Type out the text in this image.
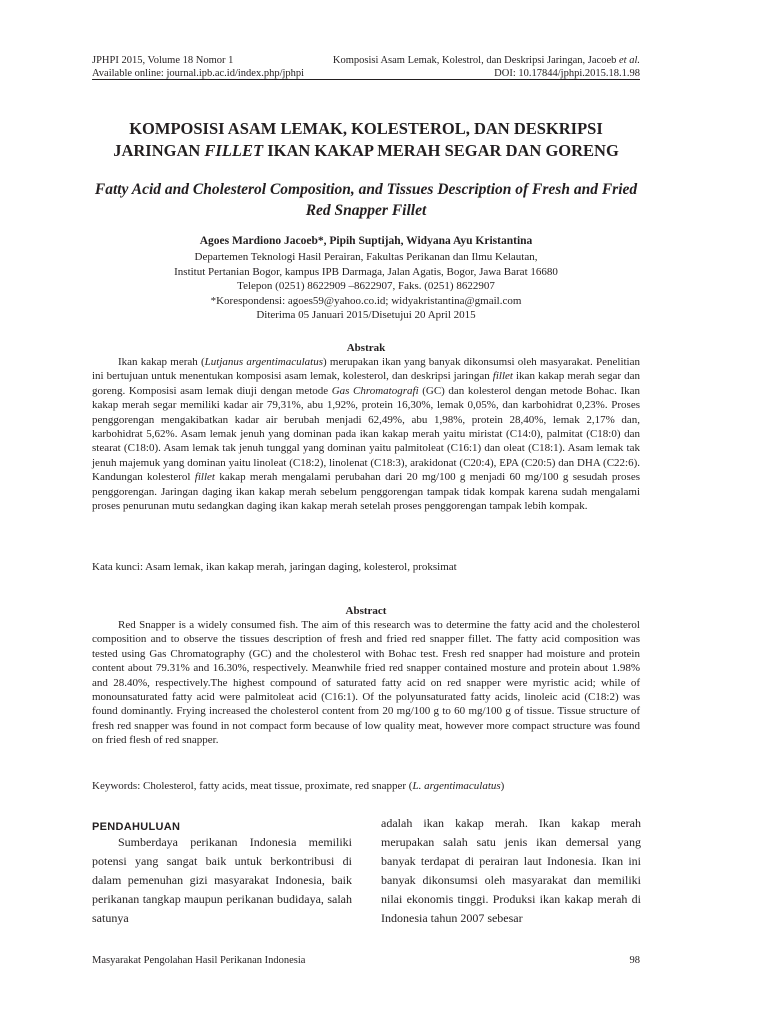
JPHPI 2015, Volume 18 Nomor 1	Komposisi Asam Lemak, Kolestrol, dan Deskripsi Jaringan, Jacoeb et al.
Available online: journal.ipb.ac.id/index.php/jphpi	DOI: 10.17844/jphpi.2015.18.1.98
KOMPOSISI ASAM LEMAK, KOLESTEROL, DAN DESKRIPSI
JARINGAN FILLET IKAN KAKAP MERAH SEGAR DAN GORENG
Fatty Acid and Cholesterol Composition, and Tissues Description of Fresh and Fried Red Snapper Fillet
Agoes Mardiono Jacoeb*, Pipih Suptijah, Widyana Ayu Kristantina
Departemen Teknologi Hasil Perairan, Fakultas Perikanan dan Ilmu Kelautan,
Institut Pertanian Bogor, kampus IPB Darmaga, Jalan Agatis, Bogor, Jawa Barat 16680
Telepon (0251) 8622909 –8622907, Faks. (0251) 8622907
*Korespondensi: agoes59@yahoo.co.id; widyakristantina@gmail.com
Diterima 05 Januari 2015/Disetujui 20 April 2015
Abstrak

Ikan kakap merah (Lutjanus argentimaculatus) merupakan ikan yang banyak dikonsumsi oleh masyarakat. Penelitian ini bertujuan untuk menentukan komposisi asam lemak, kolesterol, dan deskripsi jaringan fillet ikan kakap merah segar dan goreng. Komposisi asam lemak diuji dengan metode Gas Chromatografi (GC) dan kolesterol dengan metode Bohac. Ikan kakap merah segar memiliki kadar air 79,31%, abu 1,92%, protein 16,30%, lemak 0,05%, dan karbohidrat 0,23%. Proses penggorengan mengakibatkan kadar air berubah menjadi 62,49%, abu 1,98%, protein 28,40%, lemak 2,17% dan, karbohidrat 5,62%. Asam lemak jenuh yang dominan pada ikan kakap merah yaitu miristat (C14:0), palmitat (C18:0) dan stearat (C18:0). Asam lemak tak jenuh tunggal yang dominan yaitu palmitoleat (C16:1) dan oleat (C18:1). Asam lemak tak jenuh majemuk yang dominan yaitu linoleat (C18:2), linolenat (C18:3), arakidonat (C20:4), EPA (C20:5) dan DHA (C22:6). Kandungan kolesterol fillet kakap merah mengalami perubahan dari 20 mg/100 g menjadi 60 mg/100 g sesudah proses penggorengan. Jaringan daging ikan kakap merah sebelum penggorengan tampak tidak kompak karena sudah mengalami proses penurunan mutu sedangkan daging ikan kakap merah setelah proses penggorengan tampak lebih kompak.

Kata kunci: Asam lemak, ikan kakap merah, jaringan daging, kolesterol, proksimat
Abstract

Red Snapper is a widely consumed fish. The aim of this research was to determine the fatty acid and the cholesterol composition and to observe the tissues description of fresh and fried red snapper fillet. The fatty acid composition was tested using Gas Chromatography (GC) and the cholesterol with Bohac test. Fresh red snapper had moisture and protein content about 79.31% and 16.30%, respectively. Meanwhile fried red snapper contained mosture and protein about 1.98% and 28.40%, respectively.The highest compound of saturated fatty acid on red snapper were myristic acid; while of monounsaturated fatty acid were palmitoleat acid (C16:1). Of the polyunsaturated fatty acids, linoleic acid (C18:2) was found dominantly. Frying increased the cholesterol content from 20 mg/100 g to 60 mg/100 g of tissue. Tissue structure of fresh red snapper was found in not compact form because of low quality meat, however more compact structure was found on fried flesh of red snapper.

Keywords: Cholesterol, fatty acids, meat tissue, proximate, red snapper (L. argentimaculatus)
PENDAHULUAN

Sumberdaya perikanan Indonesia memiliki potensi yang sangat baik untuk berkontribusi di dalam pemenuhan gizi masyarakat Indonesia, baik perikanan tangkap maupun perikanan budidaya, salah satunya

adalah ikan kakap merah. Ikan kakap merah merupakan salah satu jenis ikan demersal yang banyak terdapat di perairan laut Indonesia. Ikan ini banyak dikonsumsi oleh masyarakat dan memiliki nilai ekonomis tinggi. Produksi ikan kakap merah di Indonesia tahun 2007 sebesar

Masyarakat Pengolahan Hasil Perikanan Indonesia	98
